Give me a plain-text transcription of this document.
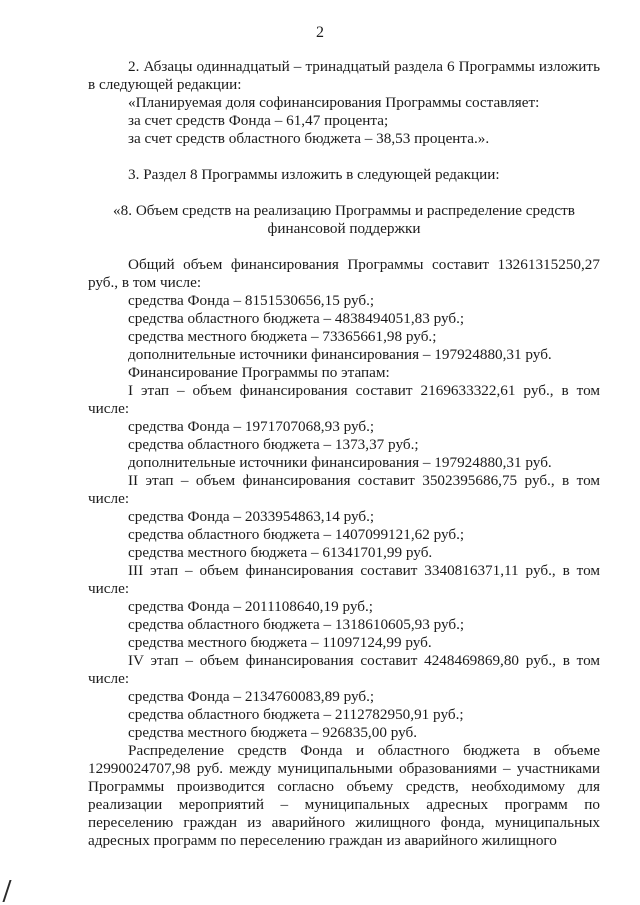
2

2. Абзацы одиннадцатый – тринадцатый раздела 6 Программы изложить в следующей редакции:

«Планируемая доля софинансирования Программы составляет:

за счет средств Фонда – 61,47 процента;

за счет средств областного бюджета – 38,53 процента.».

3. Раздел 8 Программы изложить в следующей редакции:

«8. Объем средств на реализацию Программы и распределение средств финансовой поддержки

Общий объем финансирования Программы составит 13261315250,27 руб., в том числе:

средства Фонда – 8151530656,15 руб.;
средства областного бюджета – 4838494051,83 руб.;
средства местного бюджета – 73365661,98 руб.;
дополнительные источники финансирования – 197924880,31 руб.
Финансирование Программы по этапам:

I этап – объем финансирования составит 2169633322,61 руб., в том числе:

средства Фонда – 1971707068,93 руб.;
средства областного бюджета – 1373,37 руб.;
дополнительные источники финансирования – 197924880,31 руб.

II этап – объем финансирования составит 3502395686,75 руб., в том числе:

средства Фонда – 2033954863,14 руб.;
средства областного бюджета – 1407099121,62 руб.;
средства местного бюджета – 61341701,99 руб.

III этап – объем финансирования составит 3340816371,11 руб., в том числе:

средства Фонда – 2011108640,19 руб.;
средства областного бюджета – 1318610605,93 руб.;
средства местного бюджета – 11097124,99 руб.

IV этап – объем финансирования составит 4248469869,80 руб., в том числе:

средства Фонда – 2134760083,89 руб.;
средства областного бюджета – 2112782950,91 руб.;
средства местного бюджета – 926835,00 руб.

Распределение средств Фонда и областного бюджета в объеме 12990024707,98 руб. между муниципальными образованиями – участниками Программы производится согласно объему средств, необходимому для реализации мероприятий – муниципальных адресных программ по переселению граждан из аварийного жилищного фонда, муниципальных адресных программ по переселению граждан из аварийного жилищного
